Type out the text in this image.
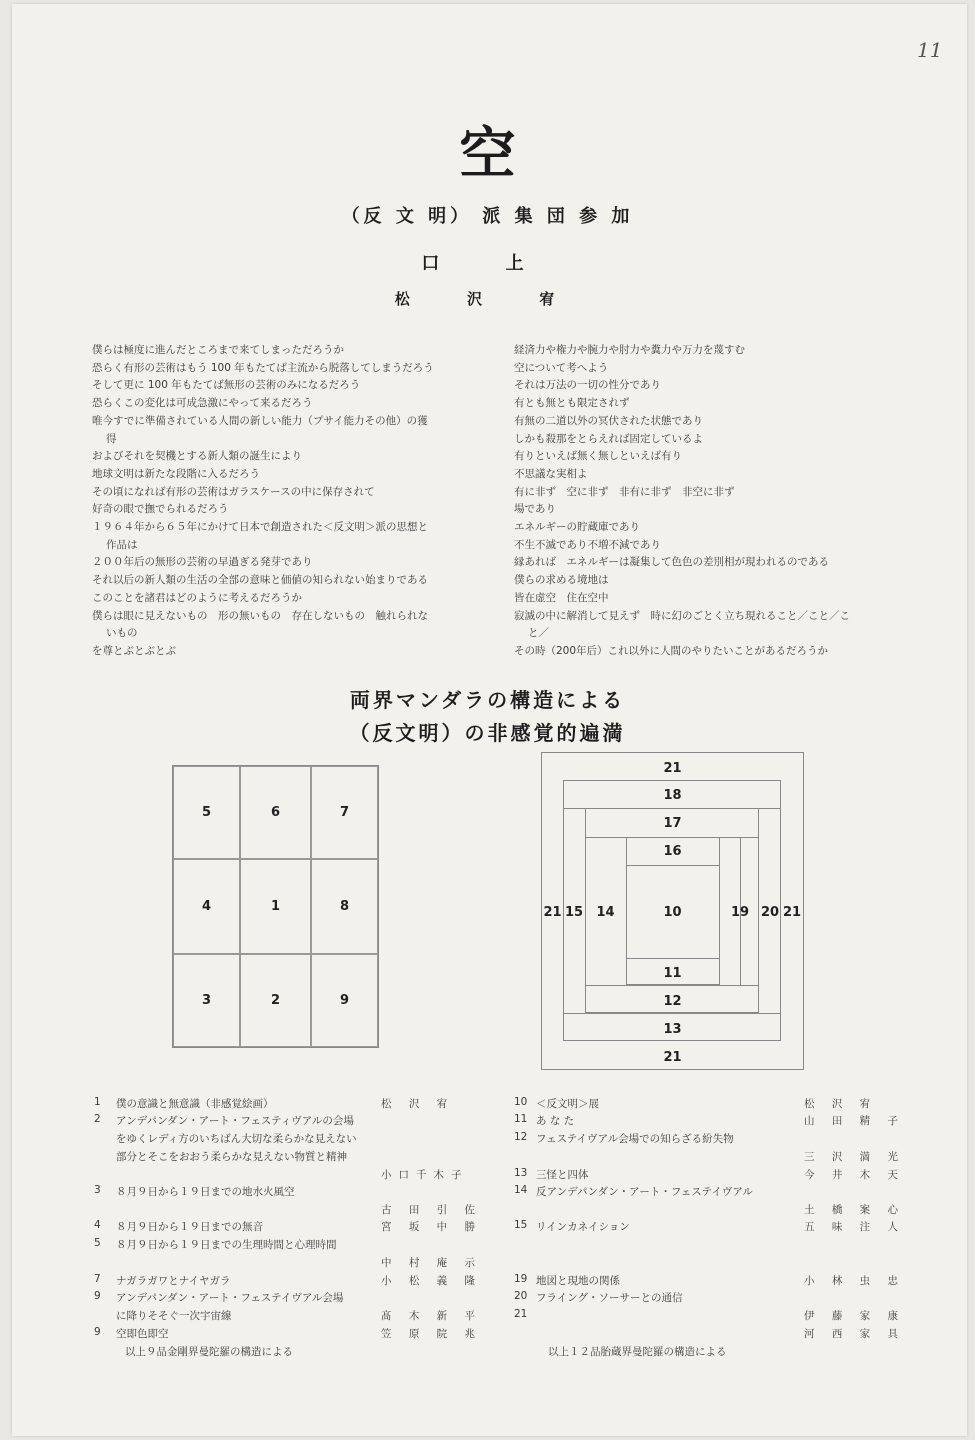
11
空
（反 文 明） 派 集 団 参 加
口 上
松 沢 宥
僕らは極度に進んだところまで来てしまっただろうか
恐らく有形の芸術はもう 100 年もたてば主流から脱落してしまうだろう
そして更に 100 年もたてば無形の芸術のみになるだろう
恐らくこの変化は可成急激にやって来るだろう
唯今すでに準備されている人間の新しい能力（プサイ能力その他）の獲
得
およびそれを契機とする新人類の誕生により
地球文明は新たな段階に入るだろう
その頃になれば有形の芸術はガラスケースの中に保存されて
好奇の眼で撫でられるだろう
１９６４年から６５年にかけて日本で創造された＜反文明＞派の思想と
作品は
２００年后の無形の芸術の早過ぎる発芽であり
それ以后の新人類の生活の全部の意味と価値の知られない始まりである
このことを諸君はどのように考えるだろうか
僕らは眼に見えないもの　形の無いもの　存在しないもの　触れられな
いもの
を尊とぶとぶとぶ
経済力や権力や腕力や肘力や糞力や万力を蔑すむ
空について考へよう
それは万法の一切の性分であり
有とも無とも限定されず
有無の二道以外の冥伏された状態であり
しかも殺那をとらえれば固定しているよ
有りといえば無く無しといえば有り
不思議な実相よ
有に非ず　空に非ず　非有に非ず　非空に非ず
場であり
エネルギーの貯蔵庫であり
不生不滅であり不増不減であり
縁あれば　エネルギーは凝集して色色の差別相が現われるのである
僕らの求める境地は
皆在虚空　住在空中
寂滅の中に解消して見えず　時に幻のごとく立ち現れること／こと／こ
と／
その時（200年后）これ以外に人間のやりたいことがあるだろうか
両界マンダラの構造による
（反文明）の非感覚的遍満
5	6	7
4	1	8
3	2	9
21
18
17
16
10
11
12
13
21
21 15	14	19 20 21
1 僕の意識と無意識（非感覚絵画）	松 沢 宥
2 アンデパンダン・アート・フェスティヴアルの会場
をゆくレディ方のいちばん大切な柔らかな見えない
部分とそこをおおう柔らかな見えない物質と精神
小口千木子
3 ８月９日から１９日までの地水火風空
古 田 引 佐
4 ８月９日から１９日までの無音	宮 坂 中 勝
5 ８月９日から１９日までの生理時間と心理時間
中 村 庵 示
7 ナガラガワとナイヤガラ	小 松 義 隆
9 アンデパンダン・アート・フェステイヴアル会場
に降りそそぐ一次宇宙線	髙 木 新 平
9 空即色即空	笠 原 院 兆
10 ＜反文明＞展	松 沢 宥
11 あ な た	山 田 精 子
12 フェステイヴアル会場での知らざる紛失物
三 沢 満 光
13 三怪と四体	今 井 木 天
14 反アンデパンダン・アート・フェステイヴアル
土 橋 案 心
15 リインカネイション	五 味 注 人
19 地図と現地の関係	小 林 虫 忠
20 フライング・ソーサーとの通信
21	伊 藤 家 康
河 西 家 具
以上９品金剛界曼陀羅の構造による	以上１２品胎蔵界曼陀羅の構造による
